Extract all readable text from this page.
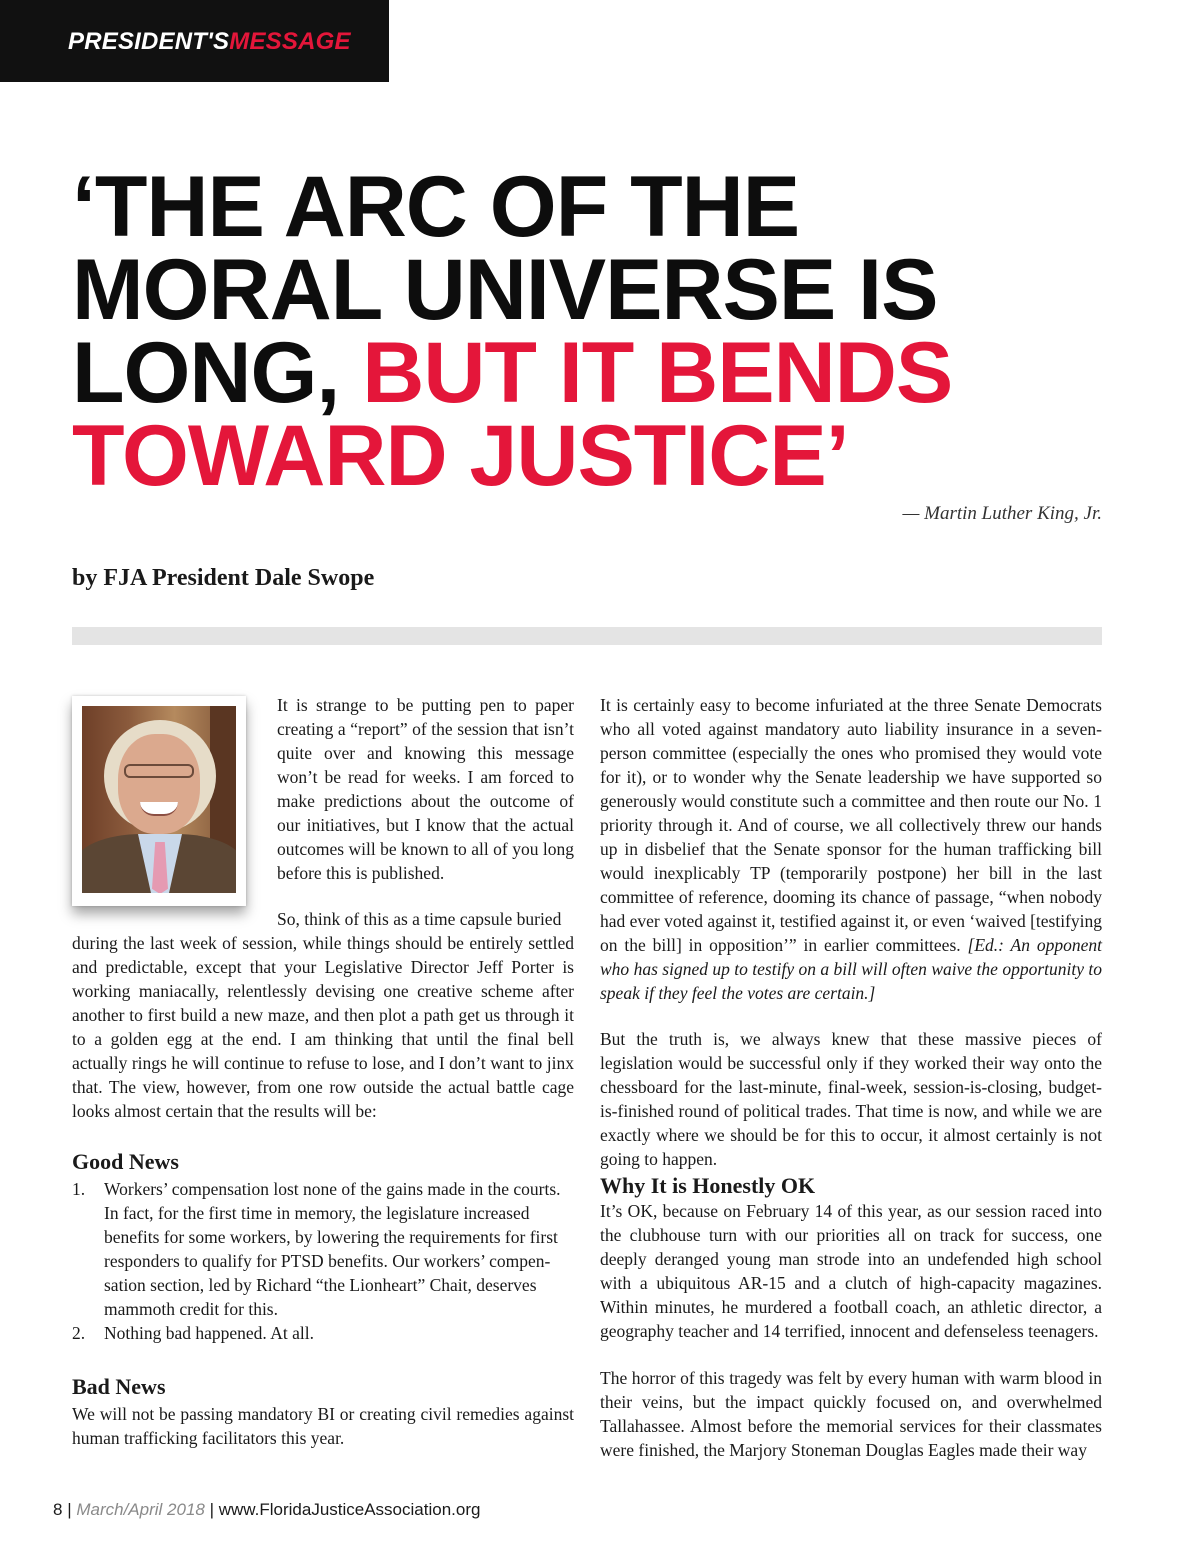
PRESIDENT'SMESSAGE
‘THE ARC OF THE
MORAL UNIVERSE IS
LONG, BUT IT BENDS
TOWARD JUSTICE’
— Martin Luther King, Jr.
by FJA President Dale Swope

It is strange to be putting pen to paper creating a “report” of the session that isn’t quite over and knowing this message won’t be read for weeks. I am forced to make predictions about the outcome of our initiatives, but I know that the actual outcomes will be known to all of you long before this is published.

So, think of this as a time capsule buried

during the last week of session, while things should be entirely settled and predictable, except that your Legislative Director Jeff Porter is working maniacally, relentlessly devising one creative scheme after another to first build a new maze, and then plot a path get us through it to a golden egg at the end. I am thinking that until the final bell actually rings he will continue to refuse to lose, and I don’t want to jinx that. The view, however, from one row outside the actual battle cage looks almost certain that the results will be:

Good News
1. Workers’ compensation lost none of the gains made in the courts. In fact, for the first time in memory, the legislature increased benefits for some workers, by lowering the requirements for first responders to qualify for PTSD benefits. Our workers’ compen-sation section, led by Richard “the Lionheart” Chait, deserves mammoth credit for this.
2. Nothing bad happened. At all.
Bad News

We will not be passing mandatory BI or creating civil remedies against human trafficking facilitators this year.

It is certainly easy to become infuriated at the three Senate Democrats who all voted against mandatory auto liability insurance in a seven-person committee (especially the ones who promised they would vote for it), or to wonder why the Senate leadership we have supported so generously would constitute such a committee and then route our No. 1 priority through it. And of course, we all collectively threw our hands up in disbelief that the Senate sponsor for the human trafficking bill would inexplicably TP (temporarily postpone) her bill in the last committee of reference, dooming its chance of passage, “when nobody had ever voted against it, testified against it, or even ‘waived [testifying on the bill] in opposition’” in earlier committees. [Ed.: An opponent who has signed up to testify on a bill will often waive the opportunity to speak if they feel the votes are certain.]

But the truth is, we always knew that these massive pieces of legislation would be successful only if they worked their way onto the chessboard for the last-minute, final-week, session-is-closing, budget-is-finished round of political trades. That time is now, and while we are exactly where we should be for this to occur, it almost certainly is not going to happen.

Why It is Honestly OK

It’s OK, because on February 14 of this year, as our session raced into the clubhouse turn with our priorities all on track for success, one deeply deranged young man strode into an undefended high school with a ubiquitous AR-15 and a clutch of high-capacity magazines. Within minutes, he murdered a football coach, an athletic director, a geography teacher and 14 terrified, innocent and defenseless teenagers.

The horror of this tragedy was felt by every human with warm blood in their veins, but the impact quickly focused on, and overwhelmed Tallahassee. Almost before the memorial services for their classmates were finished, the Marjory Stoneman Douglas Eagles made their way

8 | March/April 2018 | www.FloridaJusticeAssociation.org
